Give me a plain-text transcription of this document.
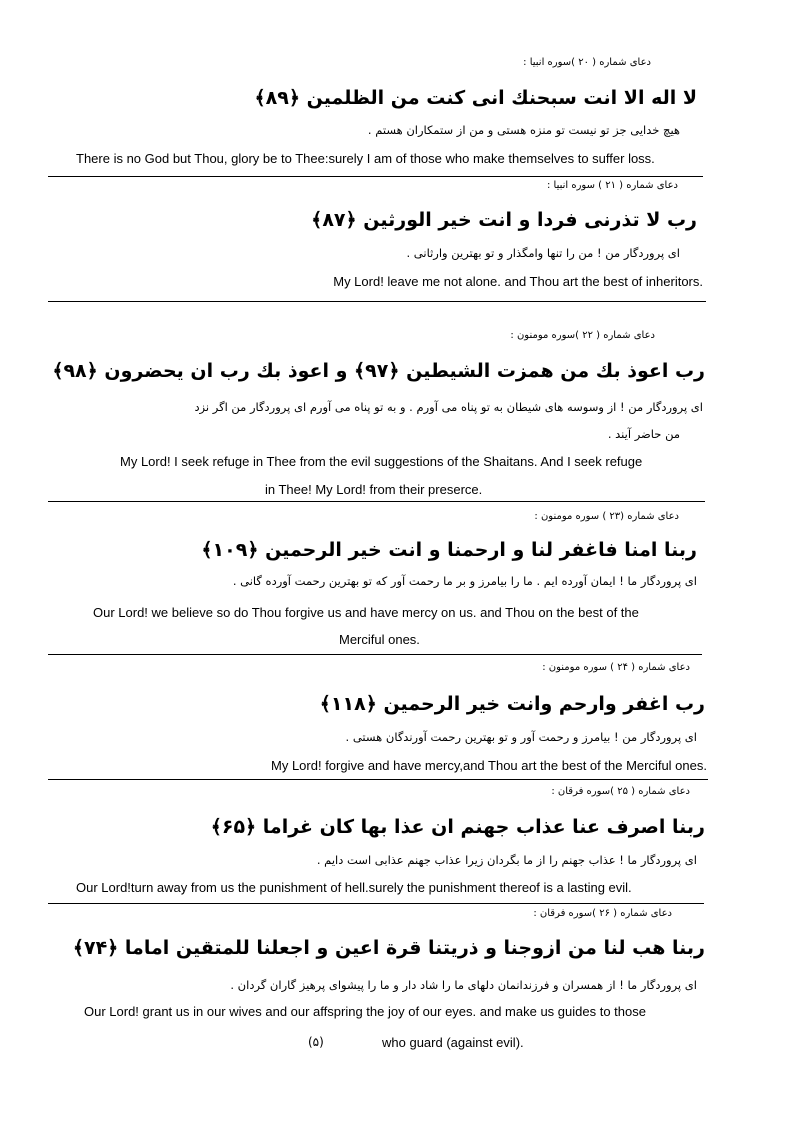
دعای شماره ( ۲۰ )سوره انبیا :
لا اله الا انت سبحنك انی كنت من الظلمین ﴿۸۹﴾
هیچ خدایی جز تو نیست تو منزه هستی و من از ستمکاران هستم .
There is no God but Thou, glory be to Thee:surely I am of those who make themselves to suffer loss.
دعای شماره ( ۲۱ ) سوره انبیا :
رب لا تذرنی فردا و انت خیر الورثین ﴿۸۷﴾
ای پروردگار من ! من را تنها وامگذار و تو بهترین وارثانی .
My Lord! leave me not alone. and Thou art the best of inheritors.
دعای شماره ( ۲۲ )سوره مومنون :
رب اعوذ بك من همزت الشیطین ﴿۹۷﴾ و اعوذ بك رب ان یحضرون ﴿۹۸﴾
ای پروردگار من ! از وسوسه های شیطان به تو پناه می آورم . و به تو پناه می آورم ای پروردگار من اگر نزد
من حاضر آیند .
My Lord! I seek refuge in Thee from the evil suggestions of the Shaitans. And I seek refuge
in Thee! My Lord! from their preserce.
دعای شماره (۲۳ ) سوره مومنون :
ربنا امنا فاغفر لنا و ارحمنا و انت خیر الرحمین ﴿۱۰۹﴾
ای پروردگار ما ! ایمان آورده ایم . ما را بیامرز و بر ما رحمت آور که تو بهترین رحمت آورده گانی .
Our Lord! we believe so do Thou forgive us and have mercy on us. and Thou on the best of the
Merciful ones.
دعای شماره ( ۲۴ ) سوره مومنون :
رب اغفر وارحم وانت خیر الرحمین ﴿۱۱۸﴾
ای پروردگار من ! بیامرز و رحمت آور و تو بهترین رحمت آورندگان هستی .
My Lord! forgive and have mercy,and Thou art the best of the Merciful ones.
دعای شماره ( ۲۵ )سوره فرقان :
ربنا اصرف عنا عذاب جهنم ان عذا بها كان غراما ﴿۶۵﴾
ای پروردگار ما ! عذاب جهنم را از ما بگردان زیرا عذاب جهنم عذابی است دایم .
Our Lord!turn away from us the punishment of hell.surely the punishment thereof is a lasting evil.
دعای شماره ( ۲۶ )سوره فرقان :
ربنا هب لنا من ازوجنا و ذریتنا قرة اعین و اجعلنا للمتقین اماما ﴿۷۴﴾
ای پروردگار ما ! از همسران و فرزندانمان دلهای ما را شاد دار و ما را پیشوای پرهیز گاران گردان .
Our Lord! grant us in our wives and our affspring the joy of our eyes. and make us guides to those
(۵)	who guard (against evil).
